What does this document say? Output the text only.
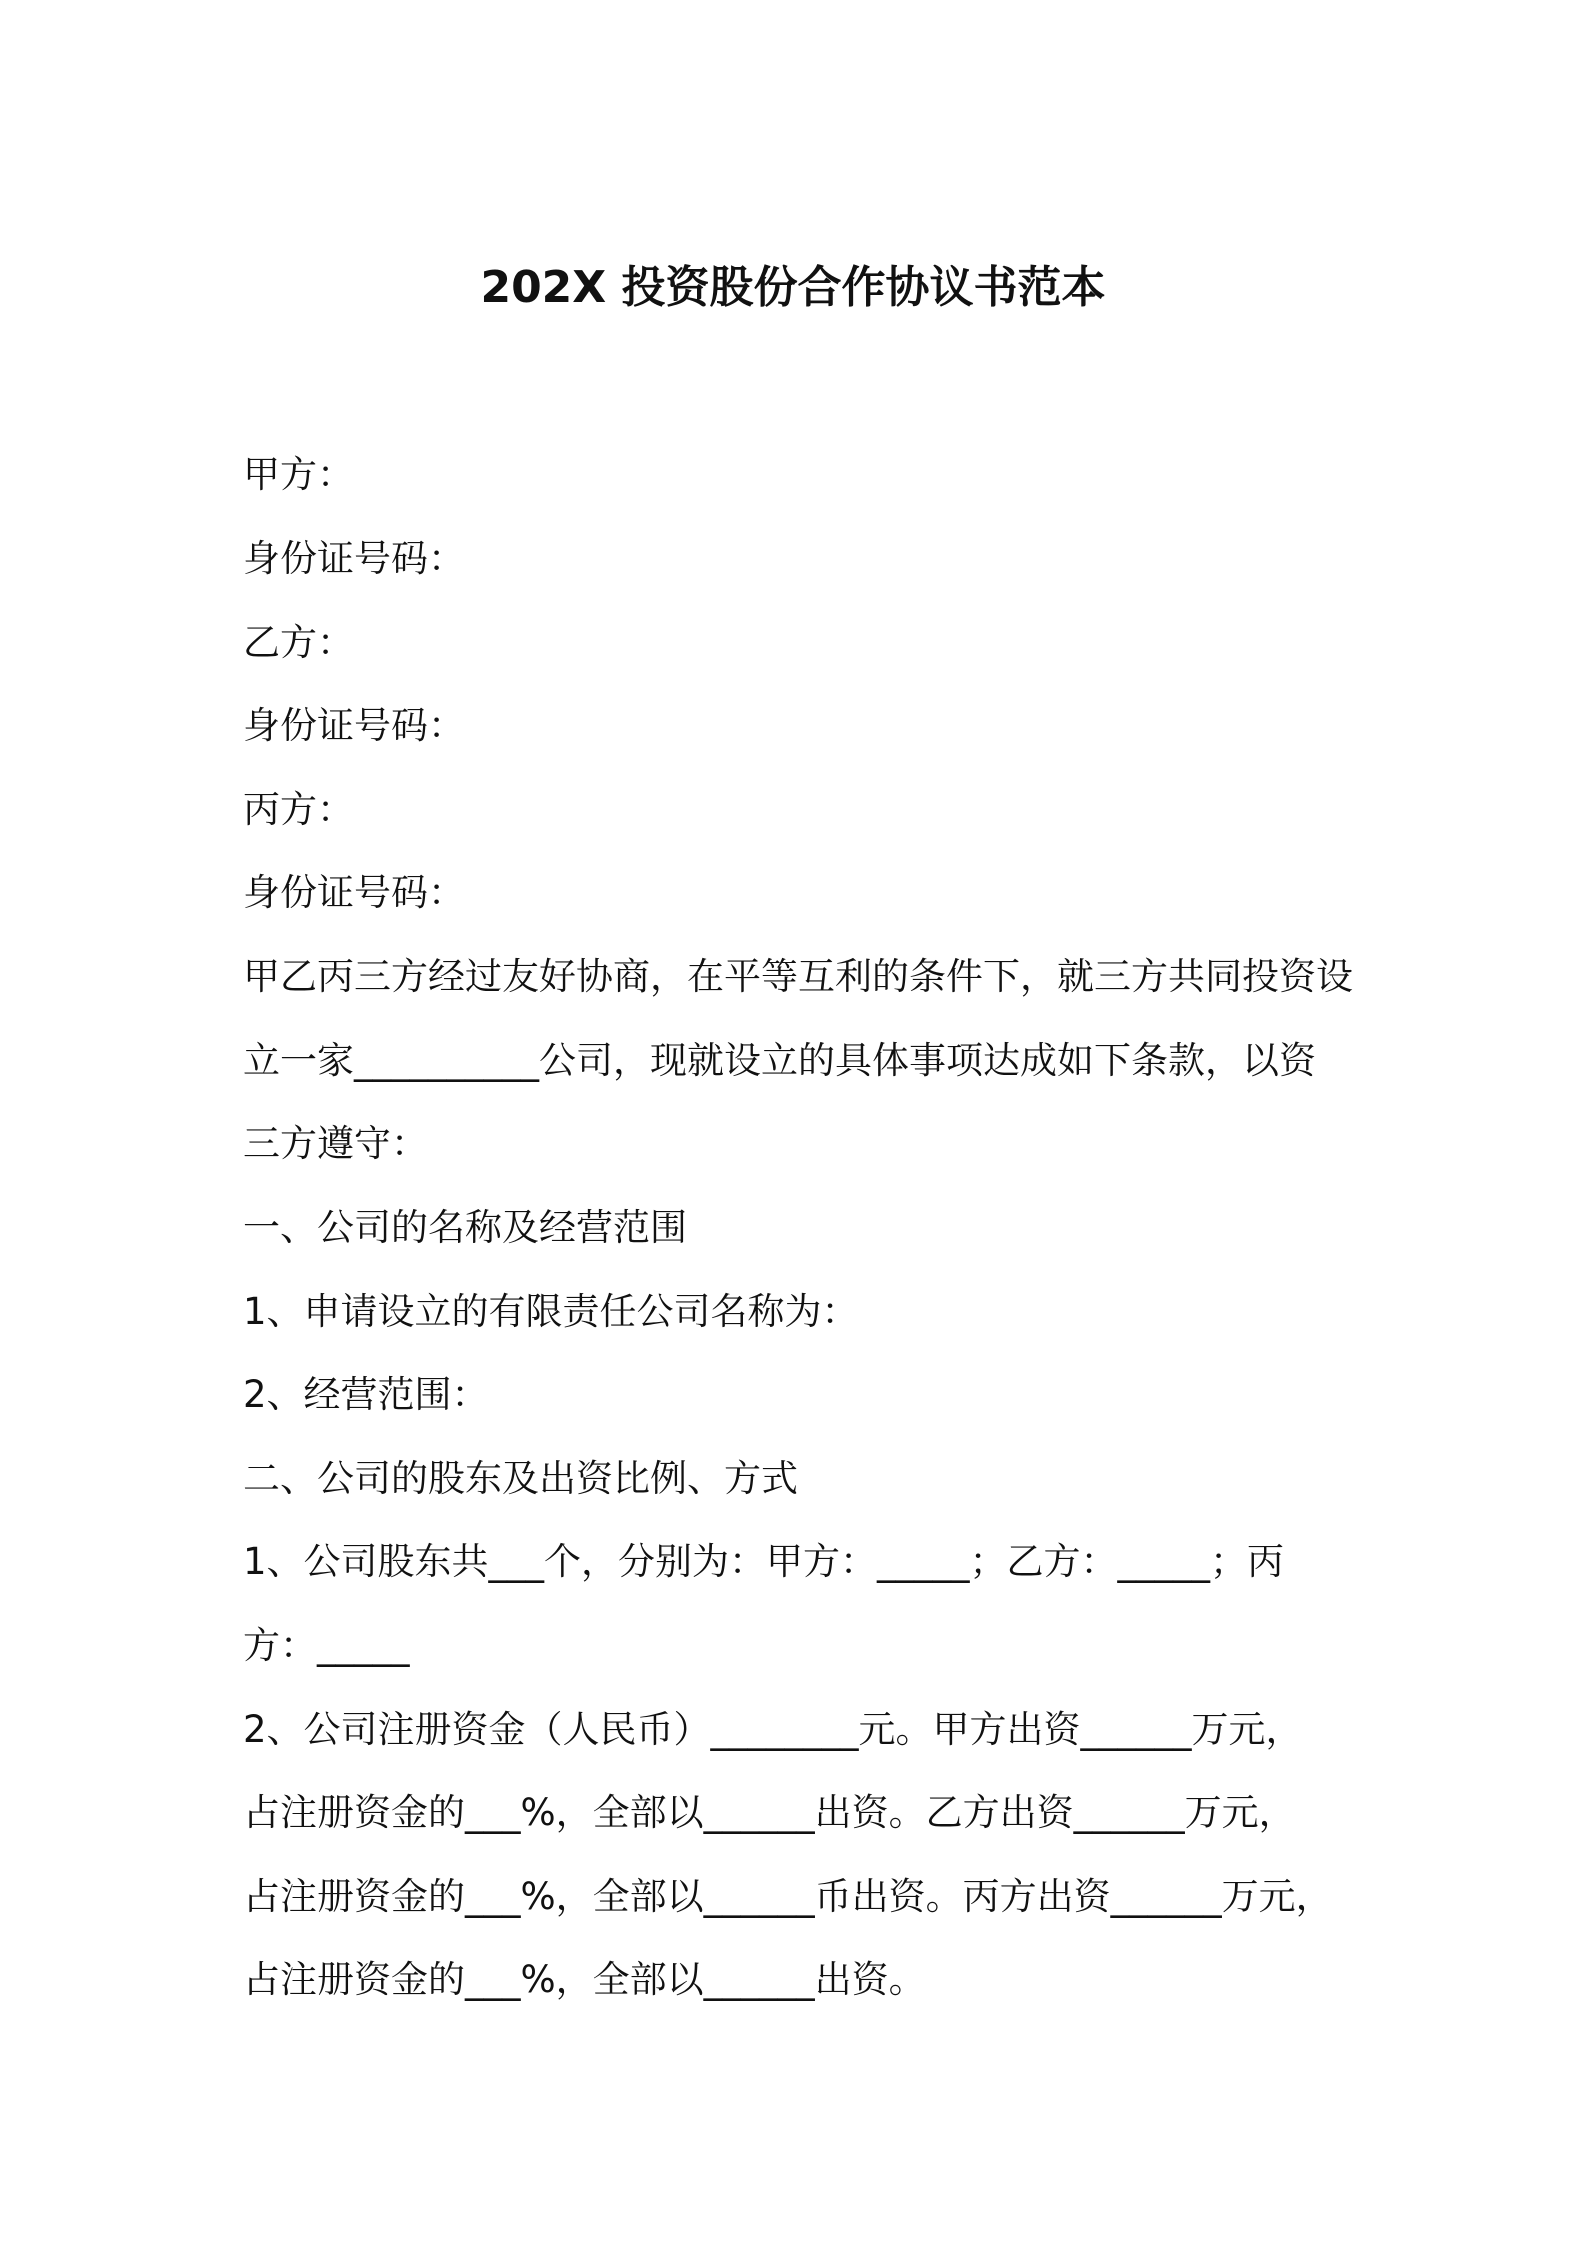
202X 投资股份合作协议书范本

甲方：

身份证号码：

乙方：

身份证号码：

丙方：

身份证号码：

甲乙丙三方经过友好协商，在平等互利的条件下，就三方共同投资设

立一家__________公司，现就设立的具体事项达成如下条款，以资

三方遵守：

一、公司的名称及经营范围

1、申请设立的有限责任公司名称为：

2、经营范围：

二、公司的股东及出资比例、方式

1、公司股东共___个，分别为：甲方：_____；乙方：_____；丙

方：_____

2、公司注册资金（人民币）________元。甲方出资______万元，

占注册资金的___%，全部以______出资。乙方出资______万元，

占注册资金的___%，全部以______币出资。丙方出资______万元，

占注册资金的___%，全部以______出资。
